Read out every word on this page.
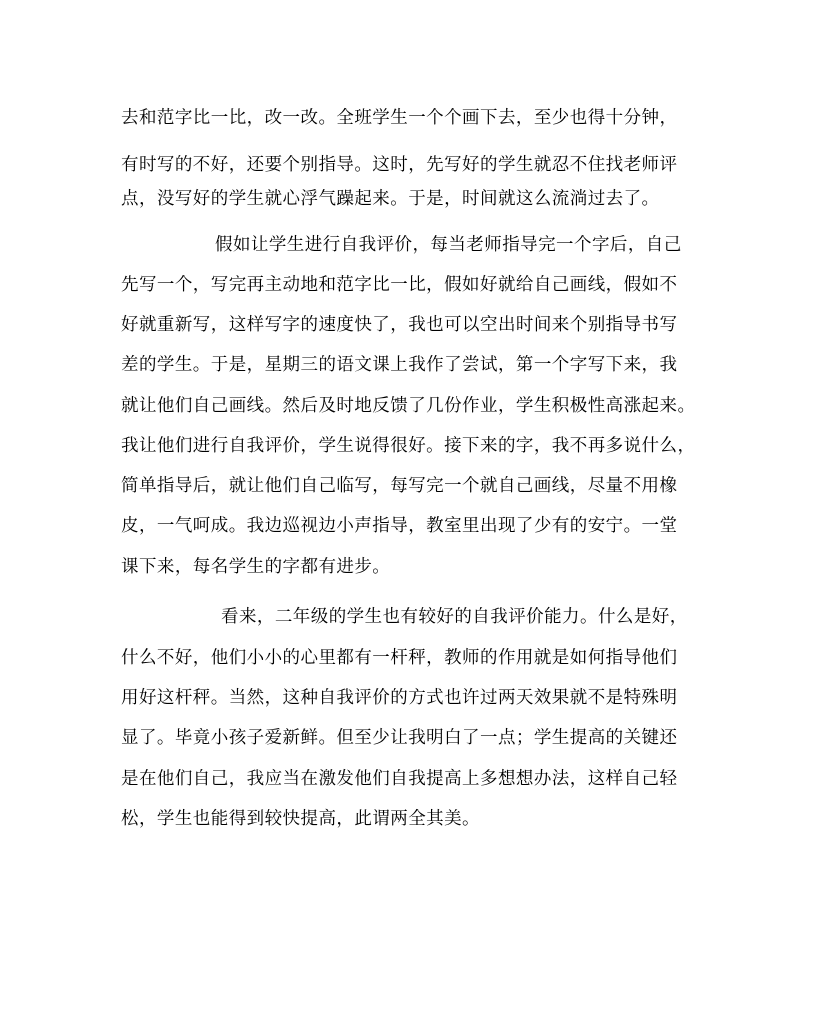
去和范字比一比，改一改。全班学生一个个画下去，至少也得十分钟，
有时写的不好，还要个别指导。这时，先写好的学生就忍不住找老师评
点，没写好的学生就心浮气躁起来。于是，时间就这么流淌过去了。
假如让学生进行自我评价，每当老师指导完一个字后，自己
先写一个，写完再主动地和范字比一比，假如好就给自己画线，假如不
好就重新写，这样写字的速度快了，我也可以空出时间来个别指导书写
差的学生。于是，星期三的语文课上我作了尝试，第一个字写下来，我
就让他们自己画线。然后及时地反馈了几份作业，学生积极性高涨起来。
我让他们进行自我评价，学生说得很好。接下来的字，我不再多说什么，
简单指导后，就让他们自己临写，每写完一个就自己画线，尽量不用橡
皮，一气呵成。我边巡视边小声指导，教室里出现了少有的安宁。一堂
课下来，每名学生的字都有进步。
看来，二年级的学生也有较好的自我评价能力。什么是好，
什么不好，他们小小的心里都有一杆秤，教师的作用就是如何指导他们
用好这杆秤。当然，这种自我评价的方式也许过两天效果就不是特殊明
显了。毕竟小孩子爱新鲜。但至少让我明白了一点；学生提高的关键还
是在他们自己，我应当在激发他们自我提高上多想想办法，这样自己轻
松，学生也能得到较快提高，此谓两全其美。
